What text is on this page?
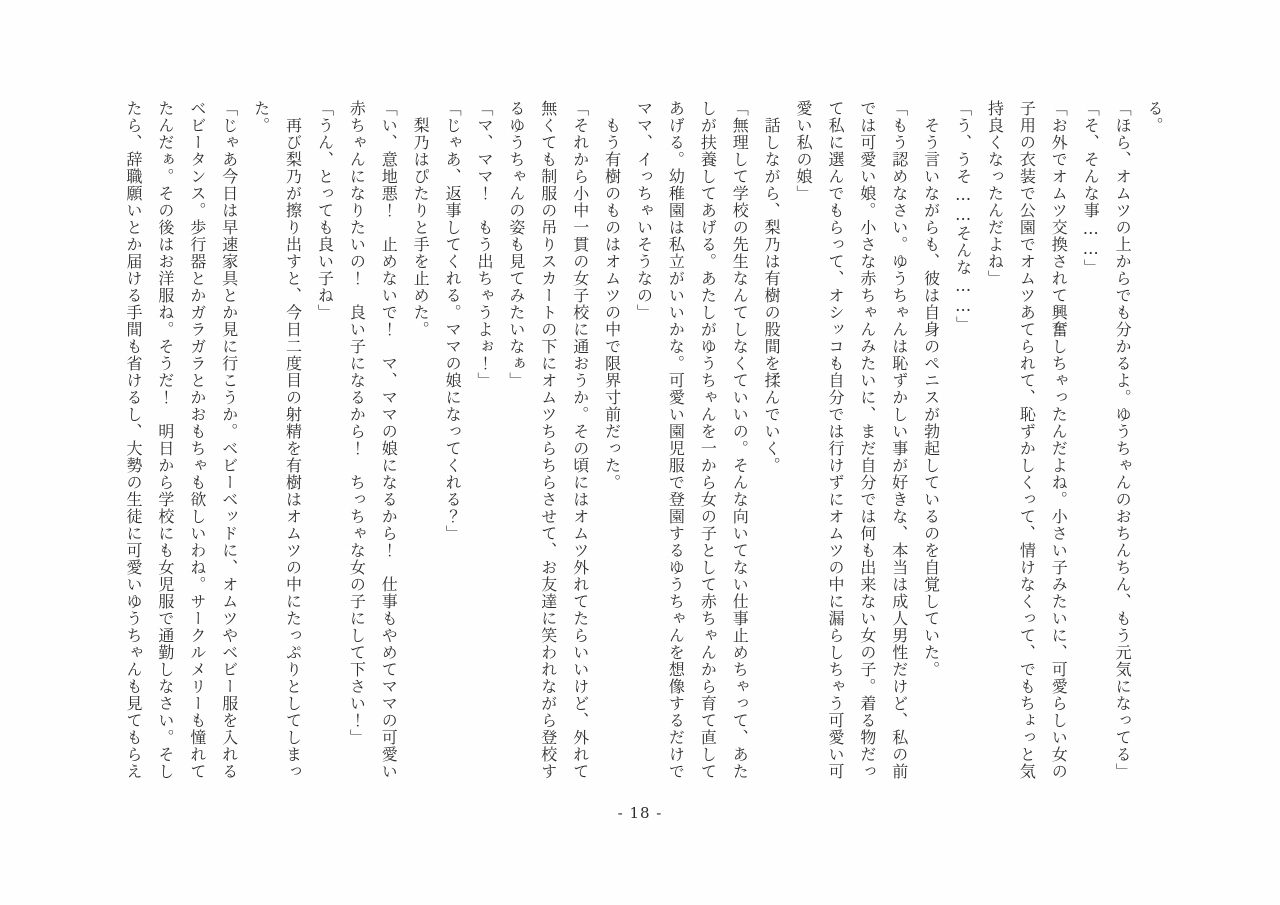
る。

「ほら、オムツの上からでも分かるよ。ゆうちゃんのおちんちん、もう元気になってる」

「そ、そんな事……」

「お外でオムツ交換されて興奮しちゃったんだよね。小さい子みたいに、可愛らしい女の

子用の衣装で公園でオムツあてられて、恥ずかしくって、情けなくって、でもちょっと気

持良くなったんだよね」

「う、うそ……そんな……」

そう言いながらも、彼は自身のペニスが勃起しているのを自覚していた。

「もう認めなさい。ゆうちゃんは恥ずかしい事が好きな、本当は成人男性だけど、私の前

では可愛い娘。小さな赤ちゃんみたいに、まだ自分では何も出来ない女の子。着る物だっ

て私に選んでもらって、オシッコも自分では行けずにオムツの中に漏らしちゃう可愛い可

愛い私の娘」

話しながら、梨乃は有樹の股間を揉んでいく。

「無理して学校の先生なんてしなくていいの。そんな向いてない仕事止めちゃって、あた

しが扶養してあげる。あたしがゆうちゃんを一から女の子として赤ちゃんから育て直して

あげる。幼稚園は私立がいいかな。可愛い園児服で登園するゆうちゃんを想像するだけで

ママ、イっちゃいそうなの」

もう有樹のものはオムツの中で限界寸前だった。

「それから小中一貫の女子校に通おうか。その頃にはオムツ外れてたらいいけど、外れて

無くても制服の吊りスカートの下にオムツちらちらさせて、お友達に笑われながら登校す

るゆうちゃんの姿も見てみたいなぁ」

「マ、ママ！　もう出ちゃうよぉ！」

「じゃあ、返事してくれる。ママの娘になってくれる？」

梨乃はぴたりと手を止めた。

「い、意地悪！　止めないで！　マ、ママの娘になるから！　仕事もやめてママの可愛い

赤ちゃんになりたいの！　良い子になるから！　ちっちゃな女の子にして下さい！」

「うん、とっても良い子ね」

再び梨乃が擦り出すと、今日二度目の射精を有樹はオムツの中にたっぷりとしてしまっ

た。

「じゃあ今日は早速家具とか見に行こうか。ベビーベッドに、オムツやベビー服を入れる

ベビータンス。歩行器とかガラガラとかおもちゃも欲しいわね。サークルメリーも憧れて

たんだぁ。その後はお洋服ね。そうだ！　明日から学校にも女児服で通勤しなさい。そし

たら、辞職願いとか届ける手間も省けるし、大勢の生徒に可愛いゆうちゃんも見てもらえ

- 18 -
